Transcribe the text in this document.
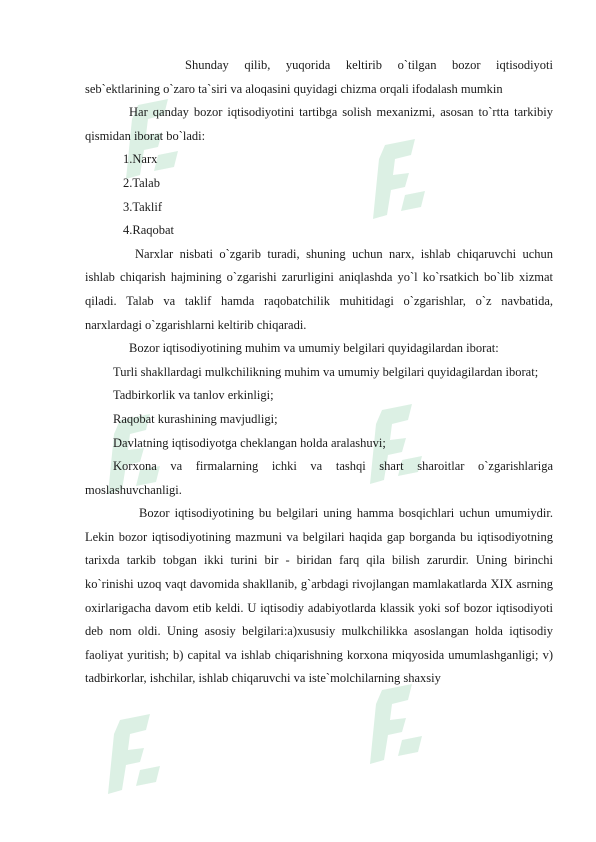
Shunday qilib, yuqorida keltirib o`tilgan bozor iqtisodiyoti seb`ektlarining o`zaro ta`siri va aloqasini quyidagi chizma orqali ifodalash mumkin

Har qanday bozor iqtisodiyotini tartibga solish mexanizmi, asosan to`rtta tarkibiy qismidan iborat bo`ladi:

1.Narx

2.Talab

3.Taklif

4.Raqobat

Narxlar nisbati o`zgarib turadi, shuning uchun narx, ishlab chiqaruvchi uchun ishlab chiqarish hajmining o`zgarishi zarurligini aniqlashda yo`l ko`rsatkich bo`lib xizmat qiladi. Talab va taklif hamda raqobatchilik muhitidagi o`zgarishlar, o`z navbatida, narxlardagi o`zgarishlarni keltirib chiqaradi.

Bozor iqtisodiyotining muhim va umumiy belgilari quyidagilardan iborat:

Turli shakllardagi mulkchilikning muhim va umumiy belgilari quyidagilardan iborat;

Tadbirkorlik va tanlov erkinligi;

Raqobat kurashining mavjudligi;

Davlatning iqtisodiyotga cheklangan holda aralashuvi;

Korxona va firmalarning ichki va tashqi shart sharoitlar o`zgarishlariga moslashuvchanligi.

Bozor iqtisodiyotining bu belgilari uning hamma bosqichlari uchun umumiydir. Lekin bozor iqtisodiyotining mazmuni va belgilari haqida gap borganda bu iqtisodiyotning tarixda tarkib tobgan ikki turini bir - biridan farq qila bilish zarurdir. Uning birinchi ko`rinishi uzoq vaqt davomida shakllanib, g`arbdagi rivojlangan mamlakatlarda XIX asrning oxirlarigacha davom etib keldi. U iqtisodiy adabiyotlarda klassik yoki sof bozor iqtisodiyoti deb nom oldi. Uning asosiy belgilari:a)xususiy mulkchilikka asoslangan holda iqtisodiy faoliyat yuritish; b) capital va ishlab chiqarishning korxona miqyosida umumlashganligi; v) tadbirkorlar, ishchilar, ishlab chiqaruvchi va iste`molchilarning shaxsiy
